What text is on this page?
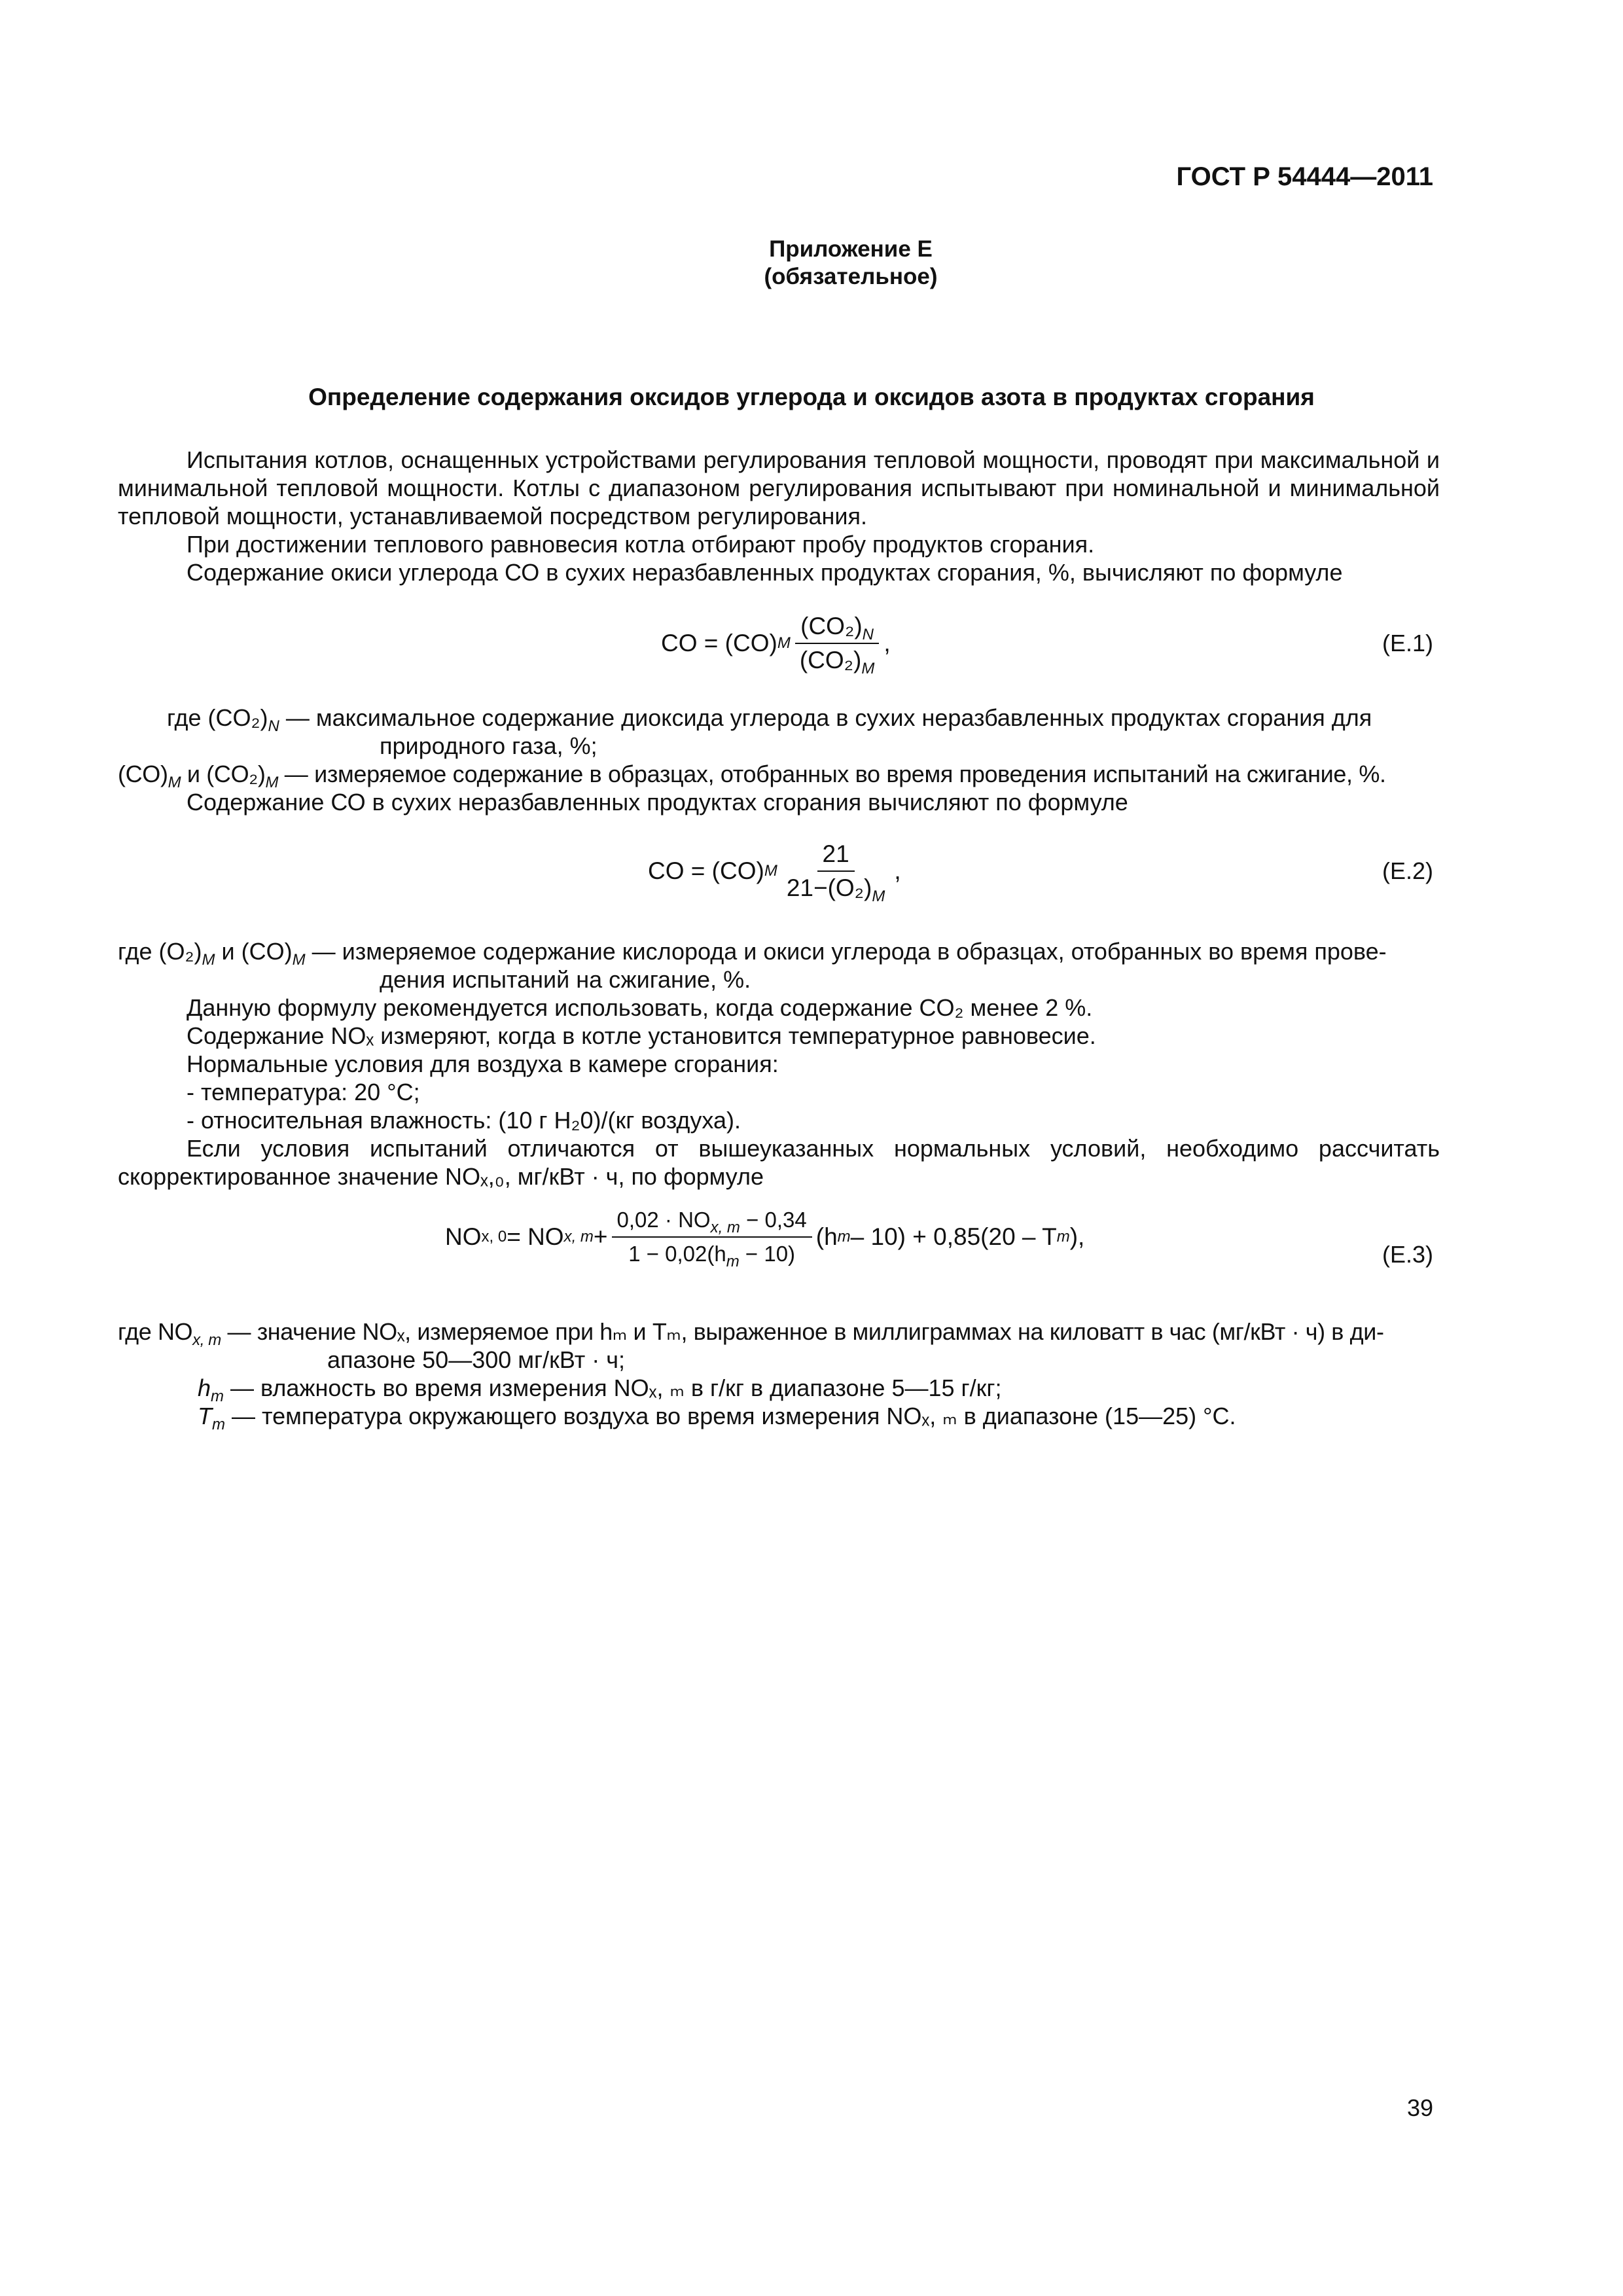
ГОСТ Р 54444—2011
Приложение Е
(обязательное)
Определение содержания оксидов углерода и оксидов азота в продуктах сгорания
Испытания котлов, оснащенных устройствами регулирования тепловой мощности, проводят при максимальной и минимальной тепловой мощности. Котлы с диапазоном регулирования испытывают при номинальной и минимальной тепловой мощности, устанавливаемой посредством регулирования.
При достижении теплового равновесия котла отбирают пробу продуктов сгорания.
Содержание окиси углерода СО в сухих неразбавленных продуктах сгорания, %, вычисляют по формуле
CO = (CO) M $\frac{(CO_2)_N}{(CO_2)_M}$ ,	(E.1)
где $(CO_2)_N$ — максимальное содержание диоксида углерода в сухих неразбавленных продуктах сгорания для
природного газа, %;
$(CO)_M$ и $(CO_2)_M$ — измеряемое содержание в образцах, отобранных во время проведения испытаний на сжигание, %.
Содержание СО в сухих неразбавленных продуктах сгорания вычисляют по формуле
CO = (CO) M $\frac{21}{21-(O_2)_M}$ ,	(E.2)
где $(O_2)_M$ и $(CO)_M$ — измеряемое содержание кислорода и окиси углерода в образцах, отобранных во время прове-
дения испытаний на сжигание, %.
Данную формулу рекомендуется использовать, когда содержание СO₂ менее 2 %.
Содержание NOₓ измеряют, когда в котле установится температурное равновесие.
Нормальные условия для воздуха в камере сгорания:
- температура: 20 °С;
- относительная влажность: (10 г Н₂0)/(кг воздуха).
Если условия испытаний отличаются от вышеуказанных нормальных условий, необходимо рассчитать скорректированное значение NOₓ,₀, мг/кВт · ч, по формуле
NO x, 0 = NO x, $m + \frac{0,02 \cdot NO_{x, m} - 0,34}{1 - 0,02(h_m - 10)} (h$ m – 10) + 0,85(20 – T m ),
(E.3)
где $NO_{x, m}$ — значение NOₓ, измеряемое при hₘ и Tₘ, выраженное в миллиграммах на киловатт в час (мг/кВт · ч) в ди-
апазоне 50—300 мг/кВт · ч;
$h_m$ — влажность во время измерения NOₓ, ₘ в г/кг в диапазоне 5—15 г/кг;
$T_m$ — температура окружающего воздуха во время измерения NOₓ, ₘ в диапазоне (15—25) °С.
39
